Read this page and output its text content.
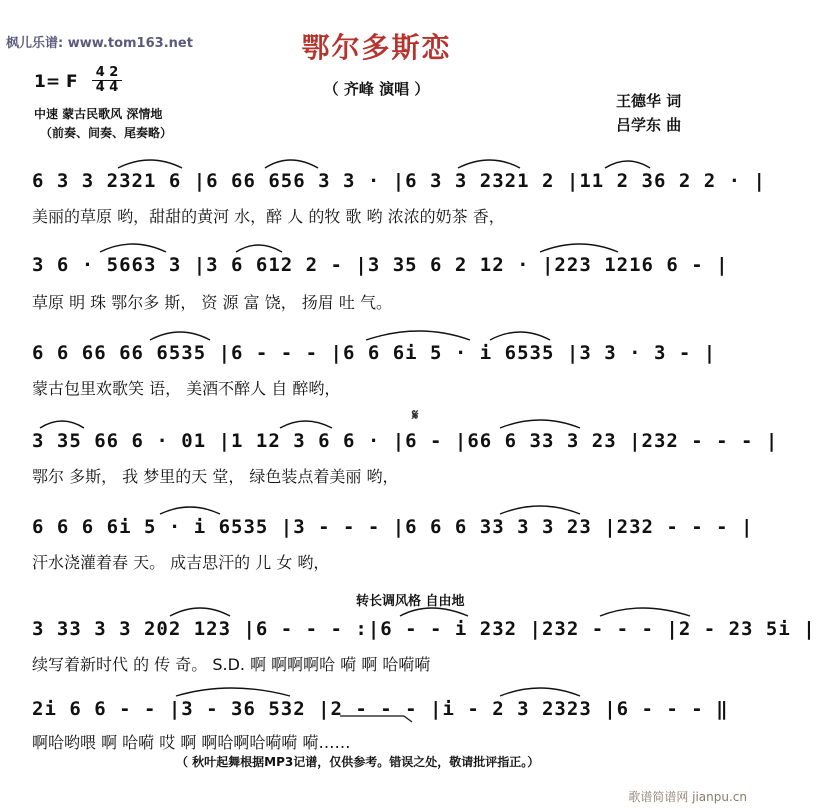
枫儿乐谱: www.tom163.net	鄂尔多斯恋
（ 齐峰 演唱 ）
王德华 词
吕学东 曲
1= F 4 2
4 4
中速 蒙古民歌风 深情地
（前奏、间奏、尾奏略）
6 3 3 2321 6 |6 66 656 3 3 · |6 3 3 2321 2 |11 2 36 2 2 · |
美丽的草原 哟，甜甜的黄河 水，醉 人 的牧 歌 哟 浓浓的奶茶 香，
3 6 · 5663 3 |3 6 612 2 - |3 35 6 2 12 · |223 1216 6 - |
草原 明 珠 鄂尔多 斯， 资 源 富 饶， 扬眉 吐 气。
6 6 66 66 6535 |6 - - - |6 6 6i 5 · i 6535 |3 3 · 3 - |
蒙古包里欢歌笑 语， 美酒不醉人 自 醉哟，
𝄋
3 35 66 6 · 01 |1 12 3 6 6 · |6 - |66 6 33 3 23 |232 - - - |
鄂尔 多斯， 我 梦里的天 堂， 绿色装点着美丽 哟，
6 6 6 6i 5 · i 6535 |3 - - - |6 6 6 33 3 3 23 |232 - - - |
汗水浇灌着春 天。 成吉思汗的 儿 女 哟，
转长调风格 自由地
3 33 3 3 202 123 |6 - - - :|6 - - i 232 |232 - - - |2 - 23 5i |
续写着新时代 的 传 奇。 S.D. 啊 啊啊啊哈 嗬 啊 哈嗬嗬
2i 6 6 - - |3 - 36 532 |2 - - - |i - 2 3 2323 |6 - - - ‖
啊哈哟喂 啊 哈嗬 哎 啊 啊哈啊哈嗬嗬 嗬……
（ 秋叶起舞根据MP3记谱，仅供参考。错误之处，敬请批评指正。）
歌谱简谱网 jianpu.cn
